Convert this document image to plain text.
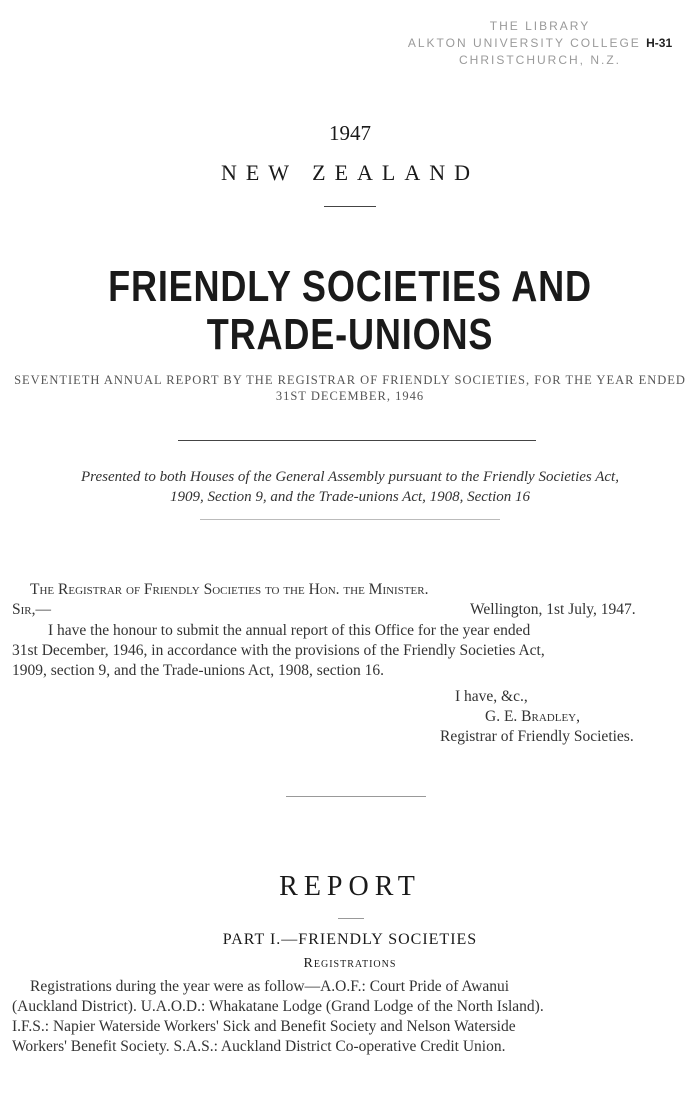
THE LIBRARY
ALKTON UNIVERSITY COLLEGE H-31
CHRISTCHURCH, N.Z.
1947
NEW ZEALAND
FRIENDLY SOCIETIES AND
TRADE-UNIONS
SEVENTIETH ANNUAL REPORT BY THE REGISTRAR OF FRIENDLY SOCIETIES, FOR THE YEAR ENDED 31ST DECEMBER, 1946
Presented to both Houses of the General Assembly pursuant to the Friendly Societies Act,
1909, Section 9, and the Trade-unions Act, 1908, Section 16
The Registrar of Friendly Societies to the Hon. the Minister.
Sir,—	Wellington, 1st July, 1947.
I have the honour to submit the annual report of this Office for the year ended
31st December, 1946, in accordance with the provisions of the Friendly Societies Act,
1909, section 9, and the Trade-unions Act, 1908, section 16.
I have, &c.,
G. E. Bradley,
Registrar of Friendly Societies.
REPORT
PART I.—FRIENDLY SOCIETIES
Registrations
Registrations during the year were as follow—A.O.F.: Court Pride of Awanui
(Auckland District). U.A.O.D.: Whakatane Lodge (Grand Lodge of the North Island).
I.F.S.: Napier Waterside Workers' Sick and Benefit Society and Nelson Waterside
Workers' Benefit Society. S.A.S.: Auckland District Co-operative Credit Union.
